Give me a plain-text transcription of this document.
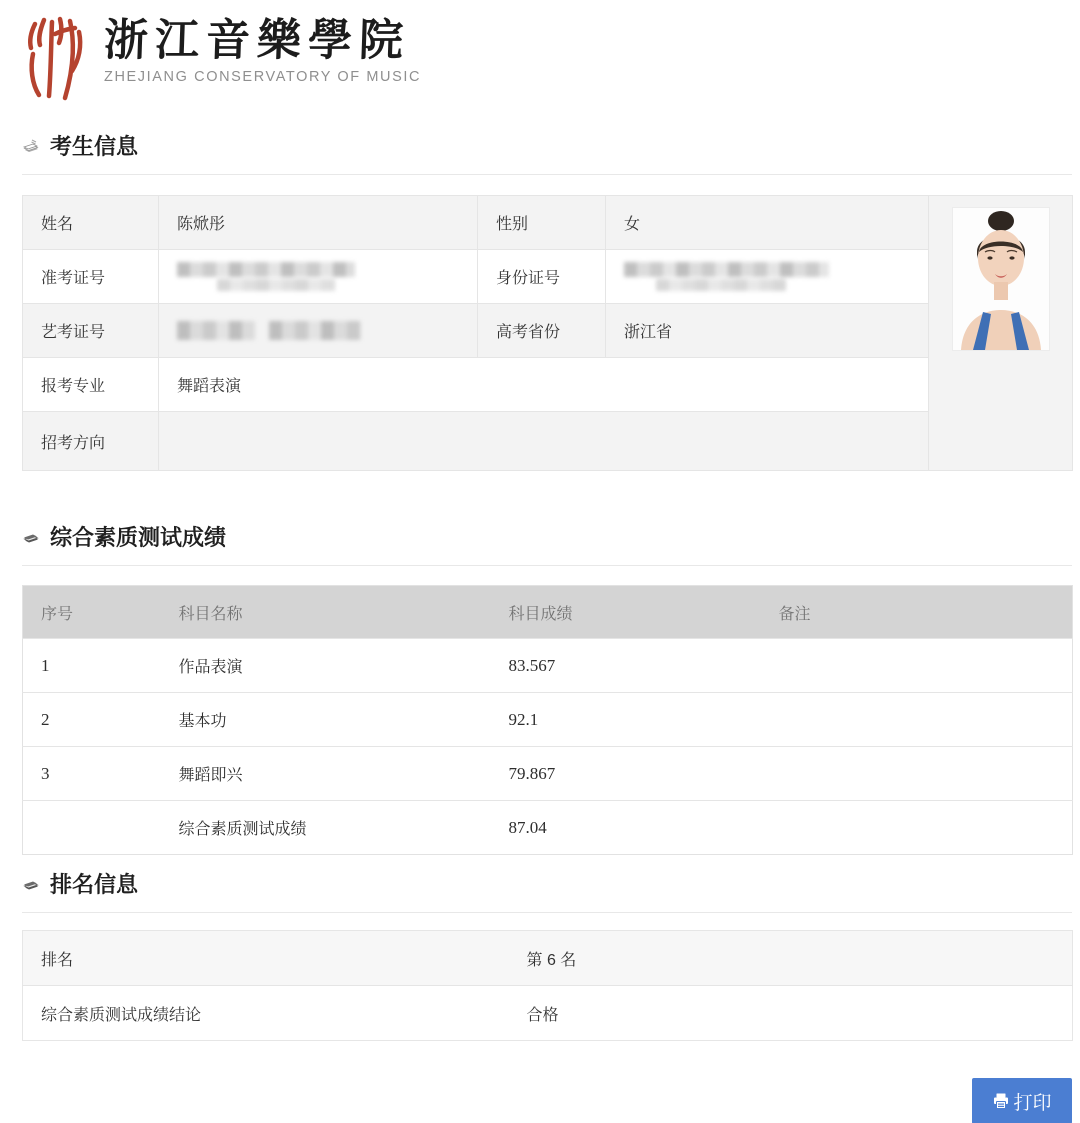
浙江音樂學院
ZHEJIANG CONSERVATORY OF MUSIC
考生信息
姓名	陈焮彤	性别	女	
准考证号		身份证号		

艺考证号		高考省份	浙江省	
报考专业	舞蹈表演			
招考方向				
综合素质测试成绩
序号	科目名称	科目成绩	备注
1	作品表演	83.567	
2	基本功	92.1	
3	舞蹈即兴	79.867	
	综合素质测试成绩	87.04	
排名信息
排名	第 6 名
综合素质测试成绩结论	合格
打印
